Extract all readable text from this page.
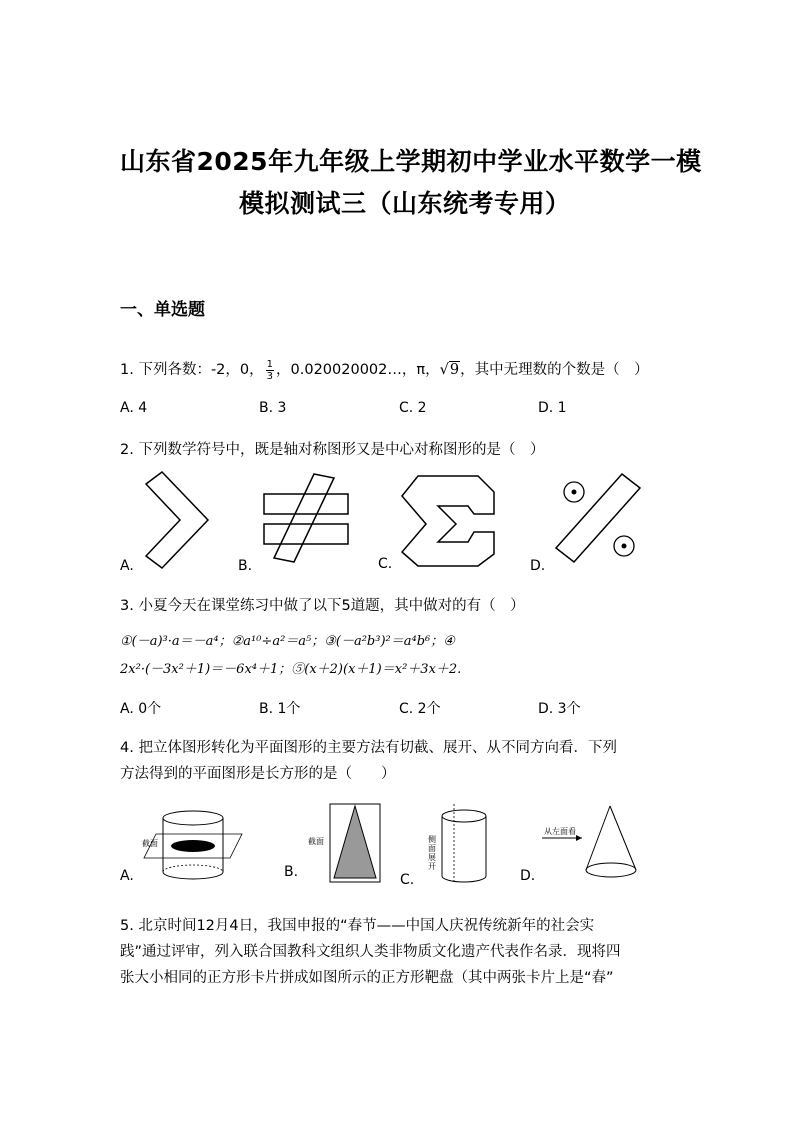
山东省2025年九年级上学期初中学业水平数学一模
模拟测试三（山东统考专用）
一、单选题
1. 下列各数：-2，0， $\frac{1}{3}$ ，0.020020002…，π，√9，其中无理数的个数是（　）
A. 4	B. 3	C. 2	D. 1
2. 下列数学符号中，既是轴对称图形又是中心对称图形的是（　）
A.	B.	C.	D.
3. 小夏今天在课堂练习中做了以下5道题，其中做对的有（　）
①(－a)³·a＝－a⁴；②a¹⁰÷a²＝a⁵；③(－a²b³)²＝a⁴b⁶；④
2x²·(－3x²＋1)＝－6x⁴＋1；⑤(x＋2)(x＋1)＝x²＋3x＋2.
A. 0个	B. 1个	C. 2个	D. 3个
4. 把立体图形转化为平面图形的主要方法有切截、展开、从不同方向看．下列
方法得到的平面图形是长方形的是（　　）
截面
A.
截面
B.
侧
面
展
开
C.
从左面看
D.
5. 北京时间12月4日，我国申报的“春节——中国人庆祝传统新年的社会实
践”通过评审，列入联合国教科文组织人类非物质文化遗产代表作名录．现将四
张大小相同的正方形卡片拼成如图所示的正方形靶盘（其中两张卡片上是“春”
